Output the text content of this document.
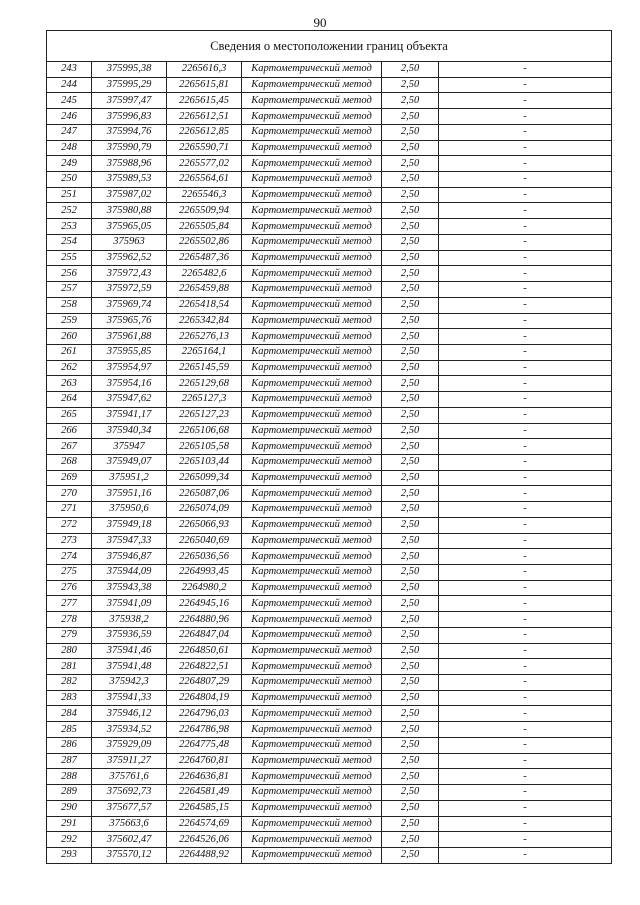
90
Сведения о местоположении границ объекта					
243	375995,38	2265616,3	Картометрический метод	2,50	-
244	375995,29	2265615,81	Картометрический метод	2,50	-
245	375997,47	2265615,45	Картометрический метод	2,50	-
246	375996,83	2265612,51	Картометрический метод	2,50	-
247	375994,76	2265612,85	Картометрический метод	2,50	-
248	375990,79	2265590,71	Картометрический метод	2,50	-
249	375988,96	2265577,02	Картометрический метод	2,50	-
250	375989,53	2265564,61	Картометрический метод	2,50	-
251	375987,02	2265546,3	Картометрический метод	2,50	-
252	375980,88	2265509,94	Картометрический метод	2,50	-
253	375965,05	2265505,84	Картометрический метод	2,50	-
254	375963	2265502,86	Картометрический метод	2,50	-
255	375962,52	2265487,36	Картометрический метод	2,50	-
256	375972,43	2265482,6	Картометрический метод	2,50	-
257	375972,59	2265459,88	Картометрический метод	2,50	-
258	375969,74	2265418,54	Картометрический метод	2,50	-
259	375965,76	2265342,84	Картометрический метод	2,50	-
260	375961,88	2265276,13	Картометрический метод	2,50	-
261	375955,85	2265164,1	Картометрический метод	2,50	-
262	375954,97	2265145,59	Картометрический метод	2,50	-
263	375954,16	2265129,68	Картометрический метод	2,50	-
264	375947,62	2265127,3	Картометрический метод	2,50	-
265	375941,17	2265127,23	Картометрический метод	2,50	-
266	375940,34	2265106,68	Картометрический метод	2,50	-
267	375947	2265105,58	Картометрический метод	2,50	-
268	375949,07	2265103,44	Картометрический метод	2,50	-
269	375951,2	2265099,34	Картометрический метод	2,50	-
270	375951,16	2265087,06	Картометрический метод	2,50	-
271	375950,6	2265074,09	Картометрический метод	2,50	-
272	375949,18	2265066,93	Картометрический метод	2,50	-
273	375947,33	2265040,69	Картометрический метод	2,50	-
274	375946,87	2265036,56	Картометрический метод	2,50	-
275	375944,09	2264993,45	Картометрический метод	2,50	-
276	375943,38	2264980,2	Картометрический метод	2,50	-
277	375941,09	2264945,16	Картометрический метод	2,50	-
278	375938,2	2264880,96	Картометрический метод	2,50	-
279	375936,59	2264847,04	Картометрический метод	2,50	-
280	375941,46	2264850,61	Картометрический метод	2,50	-
281	375941,48	2264822,51	Картометрический метод	2,50	-
282	375942,3	2264807,29	Картометрический метод	2,50	-
283	375941,33	2264804,19	Картометрический метод	2,50	-
284	375946,12	2264796,03	Картометрический метод	2,50	-
285	375934,52	2264786,98	Картометрический метод	2,50	-
286	375929,09	2264775,48	Картометрический метод	2,50	-
287	375911,27	2264760,81	Картометрический метод	2,50	-
288	375761,6	2264636,81	Картометрический метод	2,50	-
289	375692,73	2264581,49	Картометрический метод	2,50	-
290	375677,57	2264585,15	Картометрический метод	2,50	-
291	375663,6	2264574,69	Картометрический метод	2,50	-
292	375602,47	2264526,06	Картометрический метод	2,50	-
293	375570,12	2264488,92	Картометрический метод	2,50	-
